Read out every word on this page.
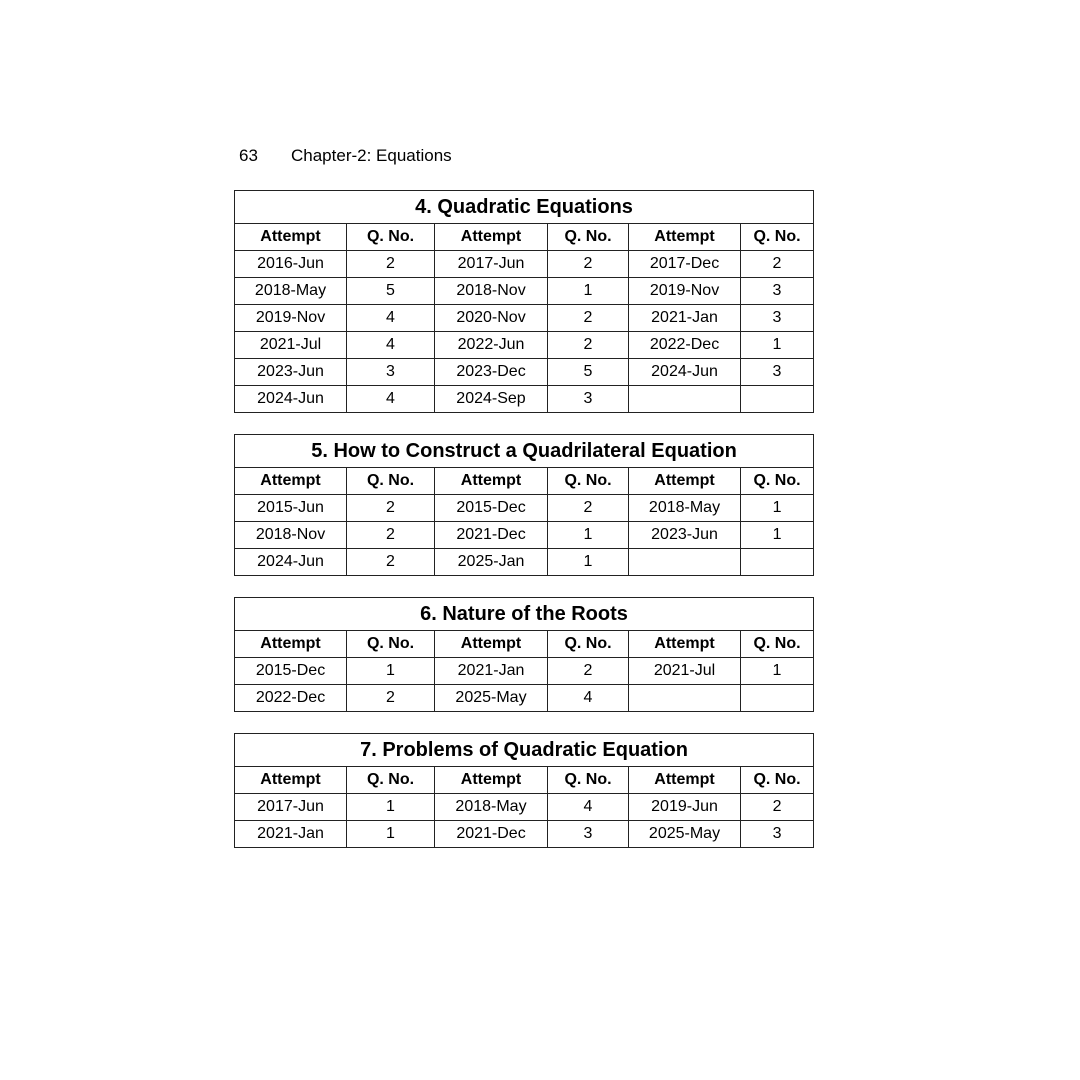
63	Chapter-2: Equations
4. Quadratic Equations					
Attempt	Q. No.	Attempt	Q. No.	Attempt	Q. No.
2016-Jun	2	2017-Jun	2	2017-Dec	2
2018-May	5	2018-Nov	1	2019-Nov	3
2019-Nov	4	2020-Nov	2	2021-Jan	3
2021-Jul	4	2022-Jun	2	2022-Dec	1
2023-Jun	3	2023-Dec	5	2024-Jun	3
2024-Jun	4	2024-Sep	3		
5. How to Construct a Quadrilateral Equation					
Attempt	Q. No.	Attempt	Q. No.	Attempt	Q. No.
2015-Jun	2	2015-Dec	2	2018-May	1
2018-Nov	2	2021-Dec	1	2023-Jun	1
2024-Jun	2	2025-Jan	1		
6. Nature of the Roots					
Attempt	Q. No.	Attempt	Q. No.	Attempt	Q. No.
2015-Dec	1	2021-Jan	2	2021-Jul	1
2022-Dec	2	2025-May	4		
7. Problems of Quadratic Equation					
Attempt	Q. No.	Attempt	Q. No.	Attempt	Q. No.
2017-Jun	1	2018-May	4	2019-Jun	2
2021-Jan	1	2021-Dec	3	2025-May	3
